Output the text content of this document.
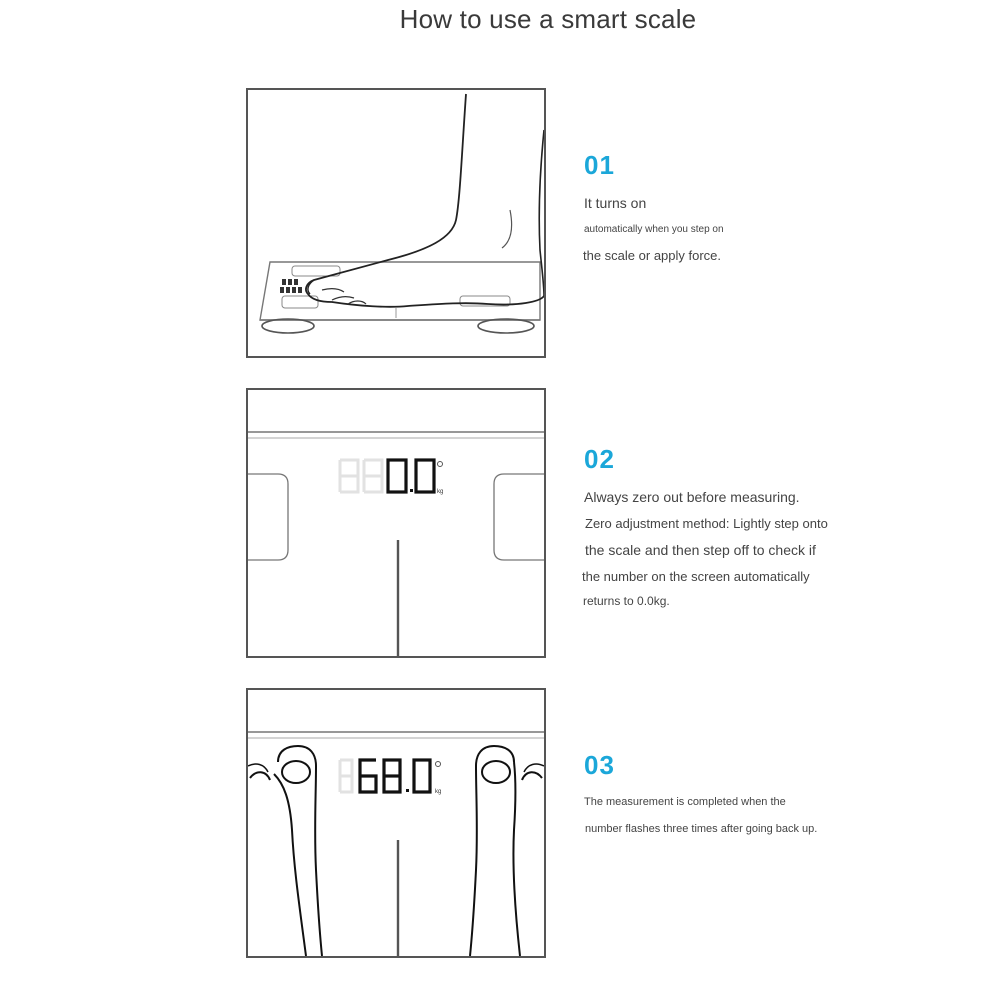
How to use a smart scale
01
It turns on
automatically when you step on
the scale or apply force.
kg
02
Always zero out before measuring.
Zero adjustment method: Lightly step onto
the scale and then step off to check if
the number on the screen automatically
returns to 0.0kg.
kg
03
The measurement is completed when the
number flashes three times after going back up.
